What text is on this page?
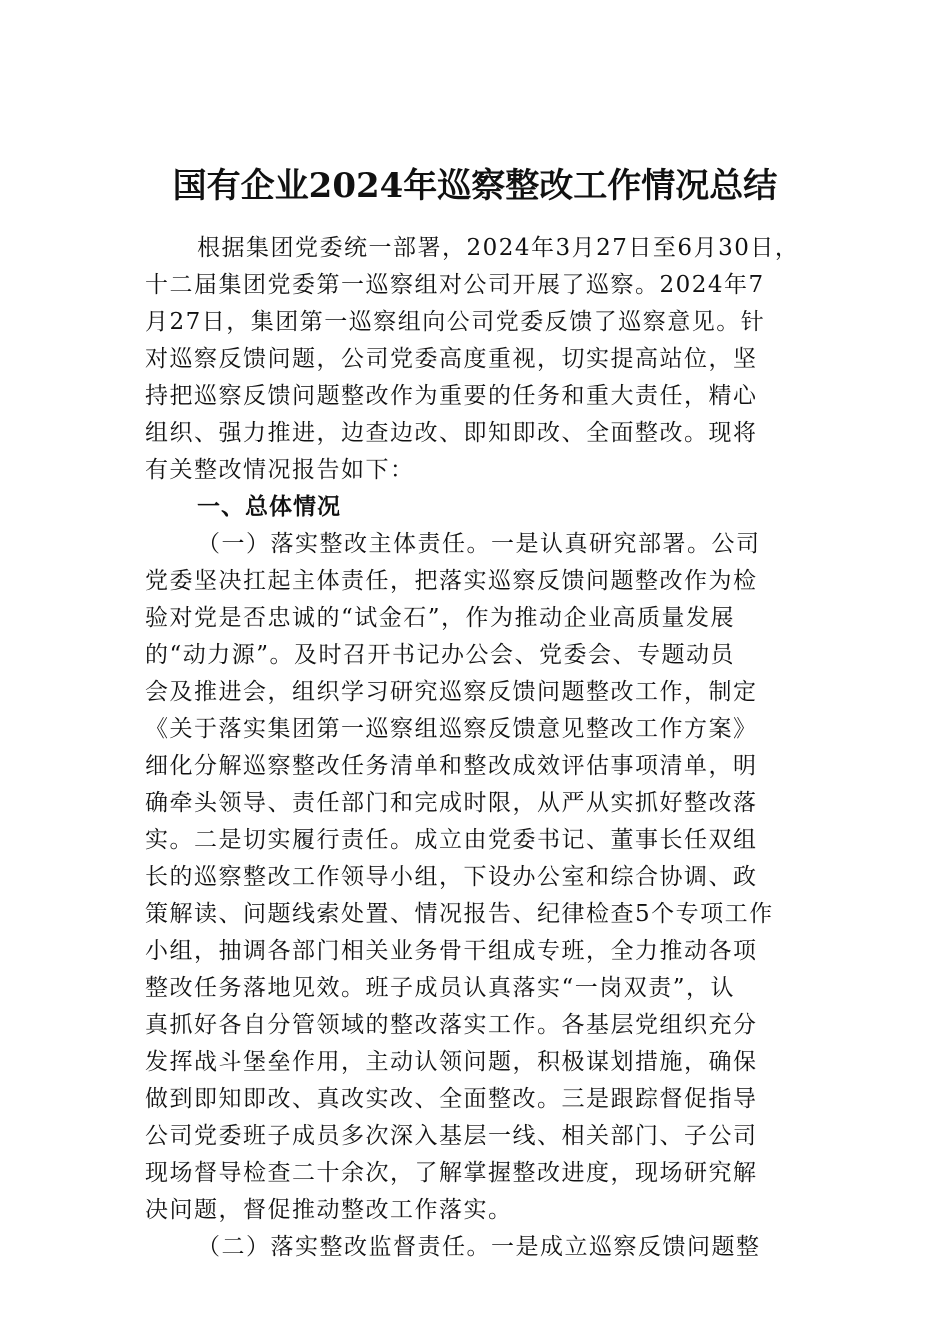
国有企业2024年巡察整改工作情况总结
根据集团党委统一部署，2024年3月27日至6月30日，
十二届集团党委第一巡察组对公司开展了巡察。2024年7
月27日，集团第一巡察组向公司党委反馈了巡察意见。针
对巡察反馈问题，公司党委高度重视，切实提高站位，坚
持把巡察反馈问题整改作为重要的任务和重大责任，精心
组织、强力推进，边查边改、即知即改、全面整改。现将
有关整改情况报告如下：
一、总体情况
（一）落实整改主体责任。一是认真研究部署。公司
党委坚决扛起主体责任，把落实巡察反馈问题整改作为检
验对党是否忠诚的“试金石”，作为推动企业高质量发展
的“动力源”。及时召开书记办公会、党委会、专题动员
会及推进会，组织学习研究巡察反馈问题整改工作，制定
《关于落实集团第一巡察组巡察反馈意见整改工作方案》
细化分解巡察整改任务清单和整改成效评估事项清单，明
确牵头领导、责任部门和完成时限，从严从实抓好整改落
实。二是切实履行责任。成立由党委书记、董事长任双组
长的巡察整改工作领导小组，下设办公室和综合协调、政
策解读、问题线索处置、情况报告、纪律检查5个专项工作
小组，抽调各部门相关业务骨干组成专班，全力推动各项
整改任务落地见效。班子成员认真落实“一岗双责”，认
真抓好各自分管领域的整改落实工作。各基层党组织充分
发挥战斗堡垒作用，主动认领问题，积极谋划措施，确保
做到即知即改、真改实改、全面整改。三是跟踪督促指导
公司党委班子成员多次深入基层一线、相关部门、子公司
现场督导检查二十余次，了解掌握整改进度，现场研究解
决问题，督促推动整改工作落实。
（二）落实整改监督责任。一是成立巡察反馈问题整
